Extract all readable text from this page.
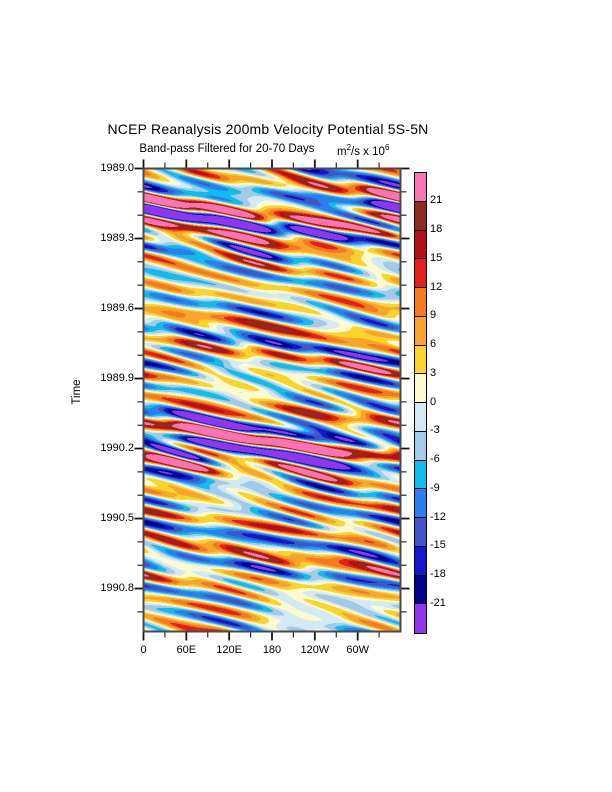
NCEP Reanalysis 200mb Velocity Potential 5S-5N
Band-pass Filtered for 20-70 Days	$m^2/s$ x $10^6$
Time
0	60E	120E	180	120W	60W
1989.0
1989.3
1989.6
1989.9
1990.2
1990.5
1990.8
21
18
15
12
9
6
3
0
-3
-6
-9
-12
-15
-18
-21
